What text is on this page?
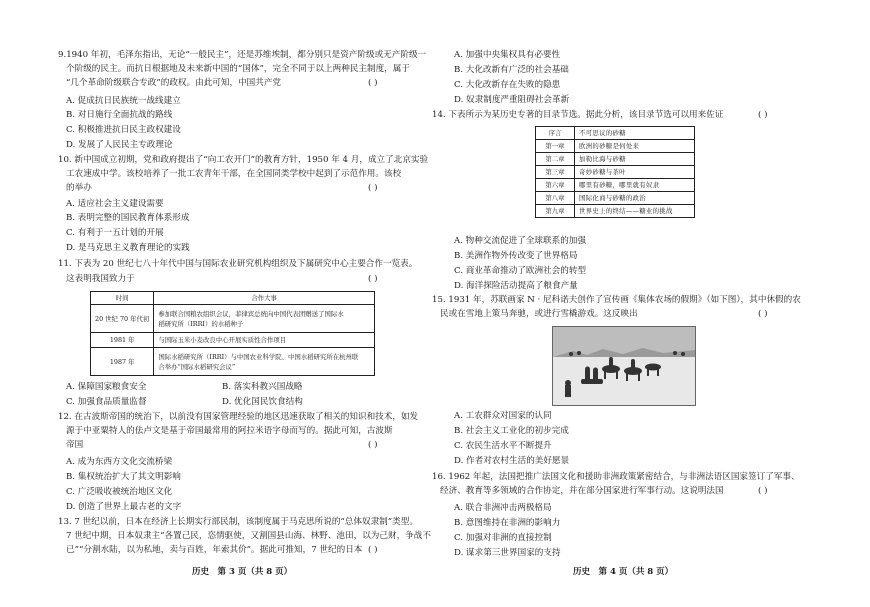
9.1940 年初，毛泽东指出，无论“一般民主”，还是苏维埃制，都分别只是资产阶级或无产阶级一
个阶级的民主。而抗日根据地及未来新中国的“国体”，完全不同于以上两种民主制度，属于
“几个革命阶级联合专政”的政权。由此可知，中国共产党	( )
A. 促成抗日民族统一战线建立
B. 对日施行全面抗战的路线
C. 积极推进抗日民主政权建设
D. 发展了人民民主专政理论
10. 新中国成立初期，党和政府提出了“向工农开门”的教育方针，1950 年 4 月，成立了北京实验
工农速成中学。该校培养了一批工农青年干部，在全国同类学校中起到了示范作用。该校
的举办	( )
A. 适应社会主义建设需要
B. 表明完整的国民教育体系形成
C. 有利于一五计划的开展
D. 是马克思主义教育理论的实践
11. 下表为 20 世纪七八十年代中国与国际农业研究机构组织及下属研究中心主要合作一览表。
这表明我国致力于	( )
时间	合作大事
20 世纪 70 年代初	参加联合国粮农组织会议，菲律宾总统向中国代表团赠送了国际水
稻研究所（IRRI）的水稻种子

1981 年	与国际玉米小麦改良中心开展实质性合作项目

1987 年	国际水稻研究所（IRRI）与中国农业科学院、中国水稻研究所在杭州联
合举办“国际水稻研究会议”
A. 保障国家粮食安全	B. 落实科教兴国战略
C. 加强食品质量监督	D. 优化国民饮食结构
12. 在古波斯帝国的统治下，以前没有国家管理经验的地区迅速获取了相关的知识和技术，如发
源于中亚粟特人的佉卢文是基于帝国最常用的阿拉米语字母而写的。据此可知，古波斯
帝国	( )
A. 成为东西方文化交流桥梁
B. 集权统治扩大了其文明影响
C. 广泛吸收被统治地区文化
D. 创造了世界上最古老的文字
13. 7 世纪以前，日本在经济上长期实行部民制，该制度属于马克思所说的“总体奴隶制”类型。
7 世纪中期，日本奴隶主“各置己民，恣情驱使，又割国县山海、林野、池田，以为己财，争战不
已”“分割水陆，以为私地，卖与百姓，年索其价”。据此可推知，7 世纪的日本 ( )
历史　第 3 页（共 8 页）
A. 加强中央集权具有必要性
B. 大化改新有广泛的社会基础
C. 大化改新存在失败的隐患
D. 奴隶制度严重阻碍社会革新
14. 下表所示为某历史专著的目录节选。据此分析，该目录节选可以用来佐证	( )
序言	不可思议的砂糖
第一章	欧洲的砂糖是何处来
第二章	加勒比海与砂糖
第三章	奇妙砂糖与茶叶
第六章	哪里有砂糖，哪里就有奴隶
第八章	国际化商与砂糖的政治
第九章	世界史上的终结——糖业的挑战
A. 物种交流促进了全球联系的加强
B. 美洲作物外传改变了世界格局
C. 商业革命推动了欧洲社会的转型
D. 海洋探险活动提高了粮食产量
15. 1931 年，苏联画家 N · 尼科诺夫创作了宣传画《集体农场的假期》（如下图），其中休假的农
民或在雪地上策马奔驰，或进行雪橇游戏。这反映出	( )
A. 工农群众对国家的认同
B. 社会主义工业化的初步完成
C. 农民生活水平不断提升
D. 作者对农村生活的美好愿景
16. 1962 年起，法国把推广法国文化和援助非洲政策紧密结合，与非洲法语区国家签订了军事、
经济、教育等多领域的合作协定，并在部分国家进行军事行动。这说明法国	( )
A. 联合非洲冲击两极格局
B. 意图维持在非洲的影响力
C. 加强对非洲的直接控制
D. 谋求第三世界国家的支持
历史　第 4 页（共 8 页）
